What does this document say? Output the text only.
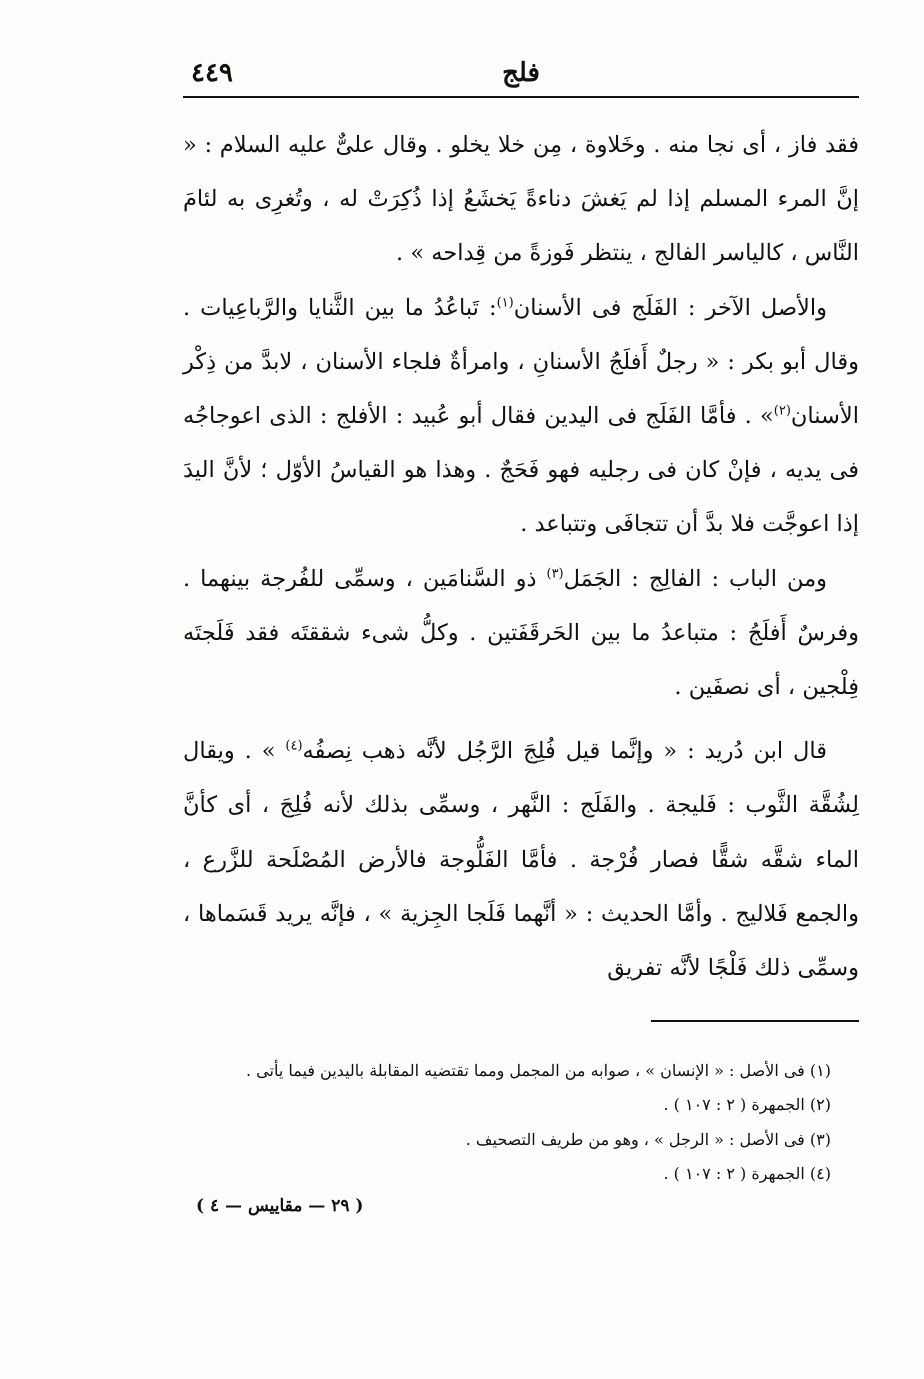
فلج
٤٤٩

فقد فاز ، أى نجا منه . وخَلاوة ، مِن خلا يخلو . وقال علىٌّ عليه السلام : « إنَّ المرء المسلم إذا لم يَغشَ دناءةً يَخشَعُ إذا ذُكِرَتْ له ، وتُغرِى به لئامَ النَّاس ، كالياسر الفالج ، ينتظر فَوزةً من قِداحه » .

والأصل الآخر : الفَلَج فى الأسنان$^{(١)}$: تَباعُدُ ما بين الثَّنايا والرَّباعِيات . وقال أبو بكر : « رجلٌ أَفلَجُ الأسنانِ ، وامرأةٌ فلجاء الأسنان ، لابدَّ من ذِكْر الأسنان$^{(٢)}$» . فأمَّا الفَلَج فى اليدين فقال أبو عُبيد : الأفلج : الذى اعوجاجُه فى يديه ، فإنْ كان فى رجليه فهو فَحَجٌ . وهذا هو القياسُ الأوّل ؛ لأنَّ اليدَ إذا اعوجَّت فلا بدَّ أن تتجافَى وتتباعد .

ومن الباب : الفالِج : الجَمَل$^{(٣)}$ ذو السَّنامَين ، وسمِّى للفُرجة بينهما . وفرسٌ أَفلَجُ : متباعدُ ما بين الحَرقَفَتين . وكلُّ شىء شققتَه فقد فَلَجتَه فِلْجين ، أى نصفَين .

قال ابن دُريد : « وإنَّما قيل فُلِجَ الرَّجُل لأنَّه ذهب نِصفُه$^{(٤)}$ » . ويقال لِشُقَّة الثَّوب : فَليجة . والفَلَج : النَّهر ، وسمِّى بذلك لأنه فُلِجَ ، أى كأنَّ الماء شقَّه شقًّا فصار فُرْجة . فأمَّا الفَلُّوجة فالأرض المُصْلَحة للزَّرع ، والجمع فَلاليج . وأمَّا الحديث : « أنَّهما فَلَجا الجِزية » ، فإنَّه يريد قَسَماها ، وسمِّى ذلك فَلْجًا لأنَّه تفريق

(١) فى الأصل : « الإنسان » ، صوابه من المجمل ومما تقتضيه المقابلة باليدين فيما يأتى .
(٢) الجمهرة ( ٢ : ١٠٧ ) .
(٣) فى الأصل : « الرجل » ، وهو من طريف التصحيف .
(٤) الجمهرة ( ٢ : ١٠٧ ) .
( ٢٩ — مقاييس — ٤ )
